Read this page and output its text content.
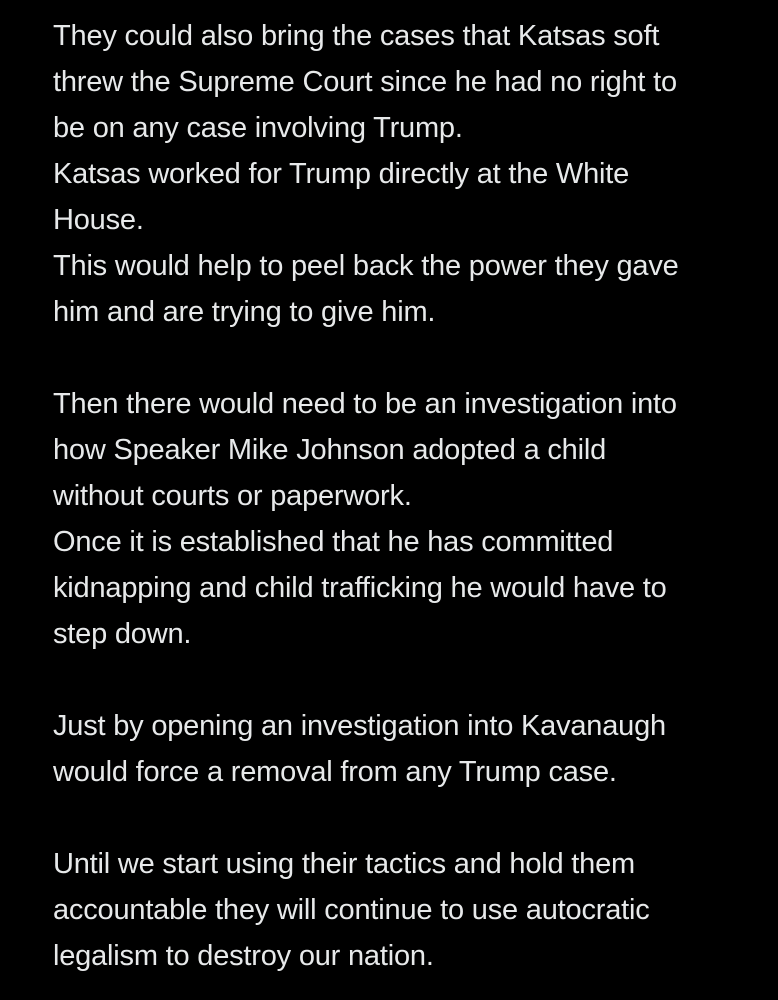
They could also bring the cases that Katsas soft
threw the Supreme Court since he had no right to
be on any case involving Trump.
Katsas worked for Trump directly at the White
House.
This would help to peel back the power they gave
him and are trying to give him.
Then there would need to be an investigation into
how Speaker Mike Johnson adopted a child
without courts or paperwork.
Once it is established that he has committed
kidnapping and child trafficking he would have to
step down.
Just by opening an investigation into Kavanaugh
would force a removal from any Trump case.
Until we start using their tactics and hold them
accountable they will continue to use autocratic
legalism to destroy our nation.
